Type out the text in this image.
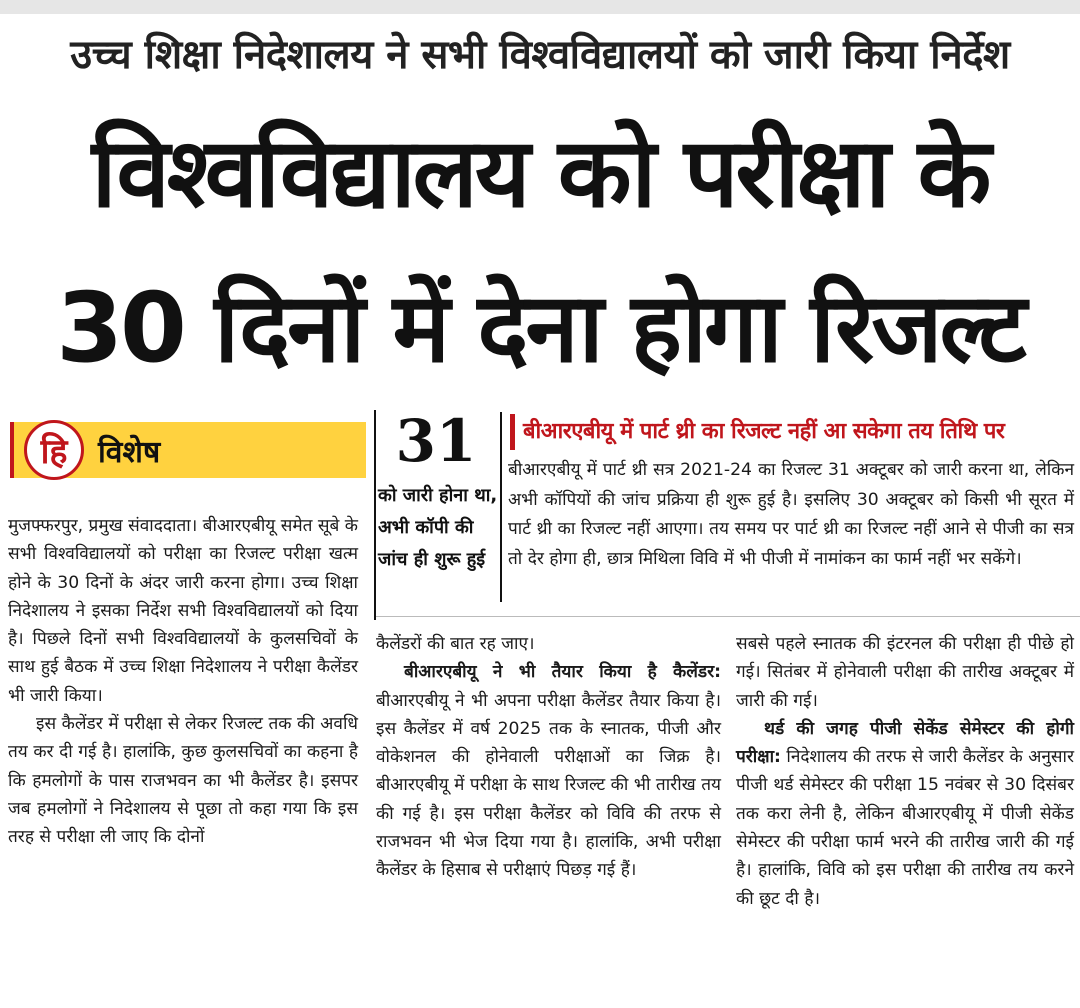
उच्च शिक्षा निदेशालय ने सभी विश्वविद्यालयों को जारी किया निर्देश
विश्वविद्यालय को परीक्षा के
30 दिनों में देना होगा रिजल्ट
हि	विशेष

मुजफ्फरपुर, प्रमुख संवाददाता। बीआरएबीयू समेत सूबे के सभी विश्वविद्यालयों को परीक्षा का रिजल्ट परीक्षा खत्म होने के 30 दिनों के अंदर जारी करना होगा। उच्च शिक्षा निदेशालय ने इसका निर्देश सभी विश्वविद्यालयों को दिया है। पिछले दिनों सभी विश्वविद्यालयों के कुलसचिवों के साथ हुई बैठक में उच्च शिक्षा निदेशालय ने परीक्षा कैलेंडर भी जारी किया।

इस कैलेंडर में परीक्षा से लेकर रिजल्ट तक की अवधि तय कर दी गई है। हालांकि, कुछ कुलसचिवों का कहना है कि हमलोगों के पास राजभवन का भी कैलेंडर है। इसपर जब हमलोगों ने निदेशालय से पूछा तो कहा गया कि इस तरह से परीक्षा ली जाए कि दोनों

31
को जारी होना था, अभी कॉपी की जांच ही शुरू हुई
बीआरएबीयू में पार्ट थ्री का रिजल्ट नहीं आ सकेगा तय तिथि पर
बीआरएबीयू में पार्ट थ्री सत्र 2021-24 का रिजल्ट 31 अक्टूबर को जारी करना था, लेकिन अभी कॉपियों की जांच प्रक्रिया ही शुरू हुई है। इसलिए 30 अक्टूबर को किसी भी सूरत में पार्ट थ्री का रिजल्ट नहीं आएगा। तय समय पर पार्ट थ्री का रिजल्ट नहीं आने से पीजी का सत्र तो देर होगा ही, छात्र मिथिला विवि में भी पीजी में नामांकन का फार्म नहीं भर सकेंगे।

कैलेंडरों की बात रह जाए।

बीआरएबीयू ने भी तैयार किया है कैलेंडर: बीआरएबीयू ने भी अपना परीक्षा कैलेंडर तैयार किया है। इस कैलेंडर में वर्ष 2025 तक के स्नातक, पीजी और वोकेशनल की होनेवाली परीक्षाओं का जिक्र है। बीआरएबीयू में परीक्षा के साथ रिजल्ट की भी तारीख तय की गई है। इस परीक्षा कैलेंडर को विवि की तरफ से राजभवन भी भेज दिया गया है। हालांकि, अभी परीक्षा कैलेंडर के हिसाब से परीक्षाएं पिछड़ गई हैं।

सबसे पहले स्नातक की इंटरनल की परीक्षा ही पीछे हो गई। सितंबर में होनेवाली परीक्षा की तारीख अक्टूबर में जारी की गई।

थर्ड की जगह पीजी सेकेंड सेमेस्टर की होगी परीक्षा: निदेशालय की तरफ से जारी कैलेंडर के अनुसार पीजी थर्ड सेमेस्टर की परीक्षा 15 नवंबर से 30 दिसंबर तक करा लेनी है, लेकिन बीआरएबीयू में पीजी सेकेंड सेमेस्टर की परीक्षा फार्म भरने की तारीख जारी की गई है। हालांकि, विवि को इस परीक्षा की तारीख तय करने की छूट दी है।
